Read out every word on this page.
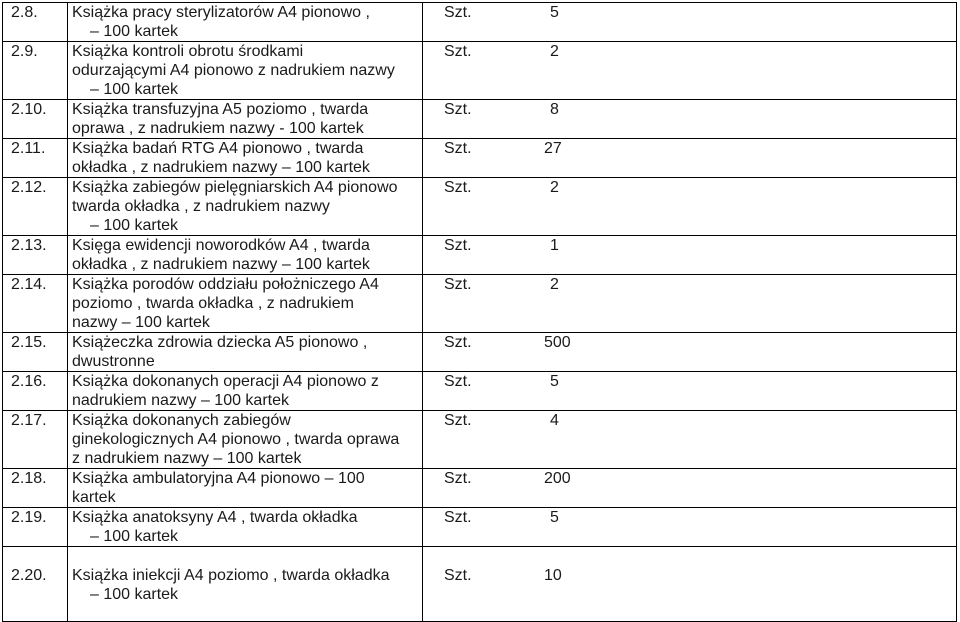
2.8.	Książka pracy sterylizatorów A4 pionowo ,
– 100 kartek	Szt. 5

2.9.	Książka kontroli obrotu środkami
odurzającymi A4 pionowo z nadrukiem nazwy
– 100 kartek	Szt. 2

2.10.	Książka transfuzyjna A5 poziomo , twarda
oprawa , z nadrukiem nazwy - 100 kartek	Szt. 8

2.11.	Książka badań RTG A4 pionowo , twarda
okładka , z nadrukiem nazwy – 100 kartek	Szt. 27

2.12.	Książka zabiegów pielęgniarskich A4 pionowo
twarda okładka , z nadrukiem nazwy
– 100 kartek	Szt. 2

2.13.	Księga ewidencji noworodków A4 , twarda
okładka , z nadrukiem nazwy – 100 kartek	Szt. 1

2.14.	Książka porodów oddziału położniczego A4
poziomo , twarda okładka , z nadrukiem
nazwy – 100 kartek	Szt. 2

2.15.	Książeczka zdrowia dziecka A5 pionowo ,
dwustronne	Szt. 500

2.16.	Książka dokonanych operacji A4 pionowo z
nadrukiem nazwy – 100 kartek	Szt. 5

2.17.	Książka dokonanych zabiegów
ginekologicznych A4 pionowo , twarda oprawa
z nadrukiem nazwy – 100 kartek	Szt. 4

2.18.	Książka ambulatoryjna A4 pionowo – 100
kartek	Szt. 200

2.19.	Książka anatoksyny A4 , twarda okładka
– 100 kartek	Szt. 5

2.20.	Książka iniekcji A4 poziomo , twarda okładka
– 100 kartek	Szt. 10
